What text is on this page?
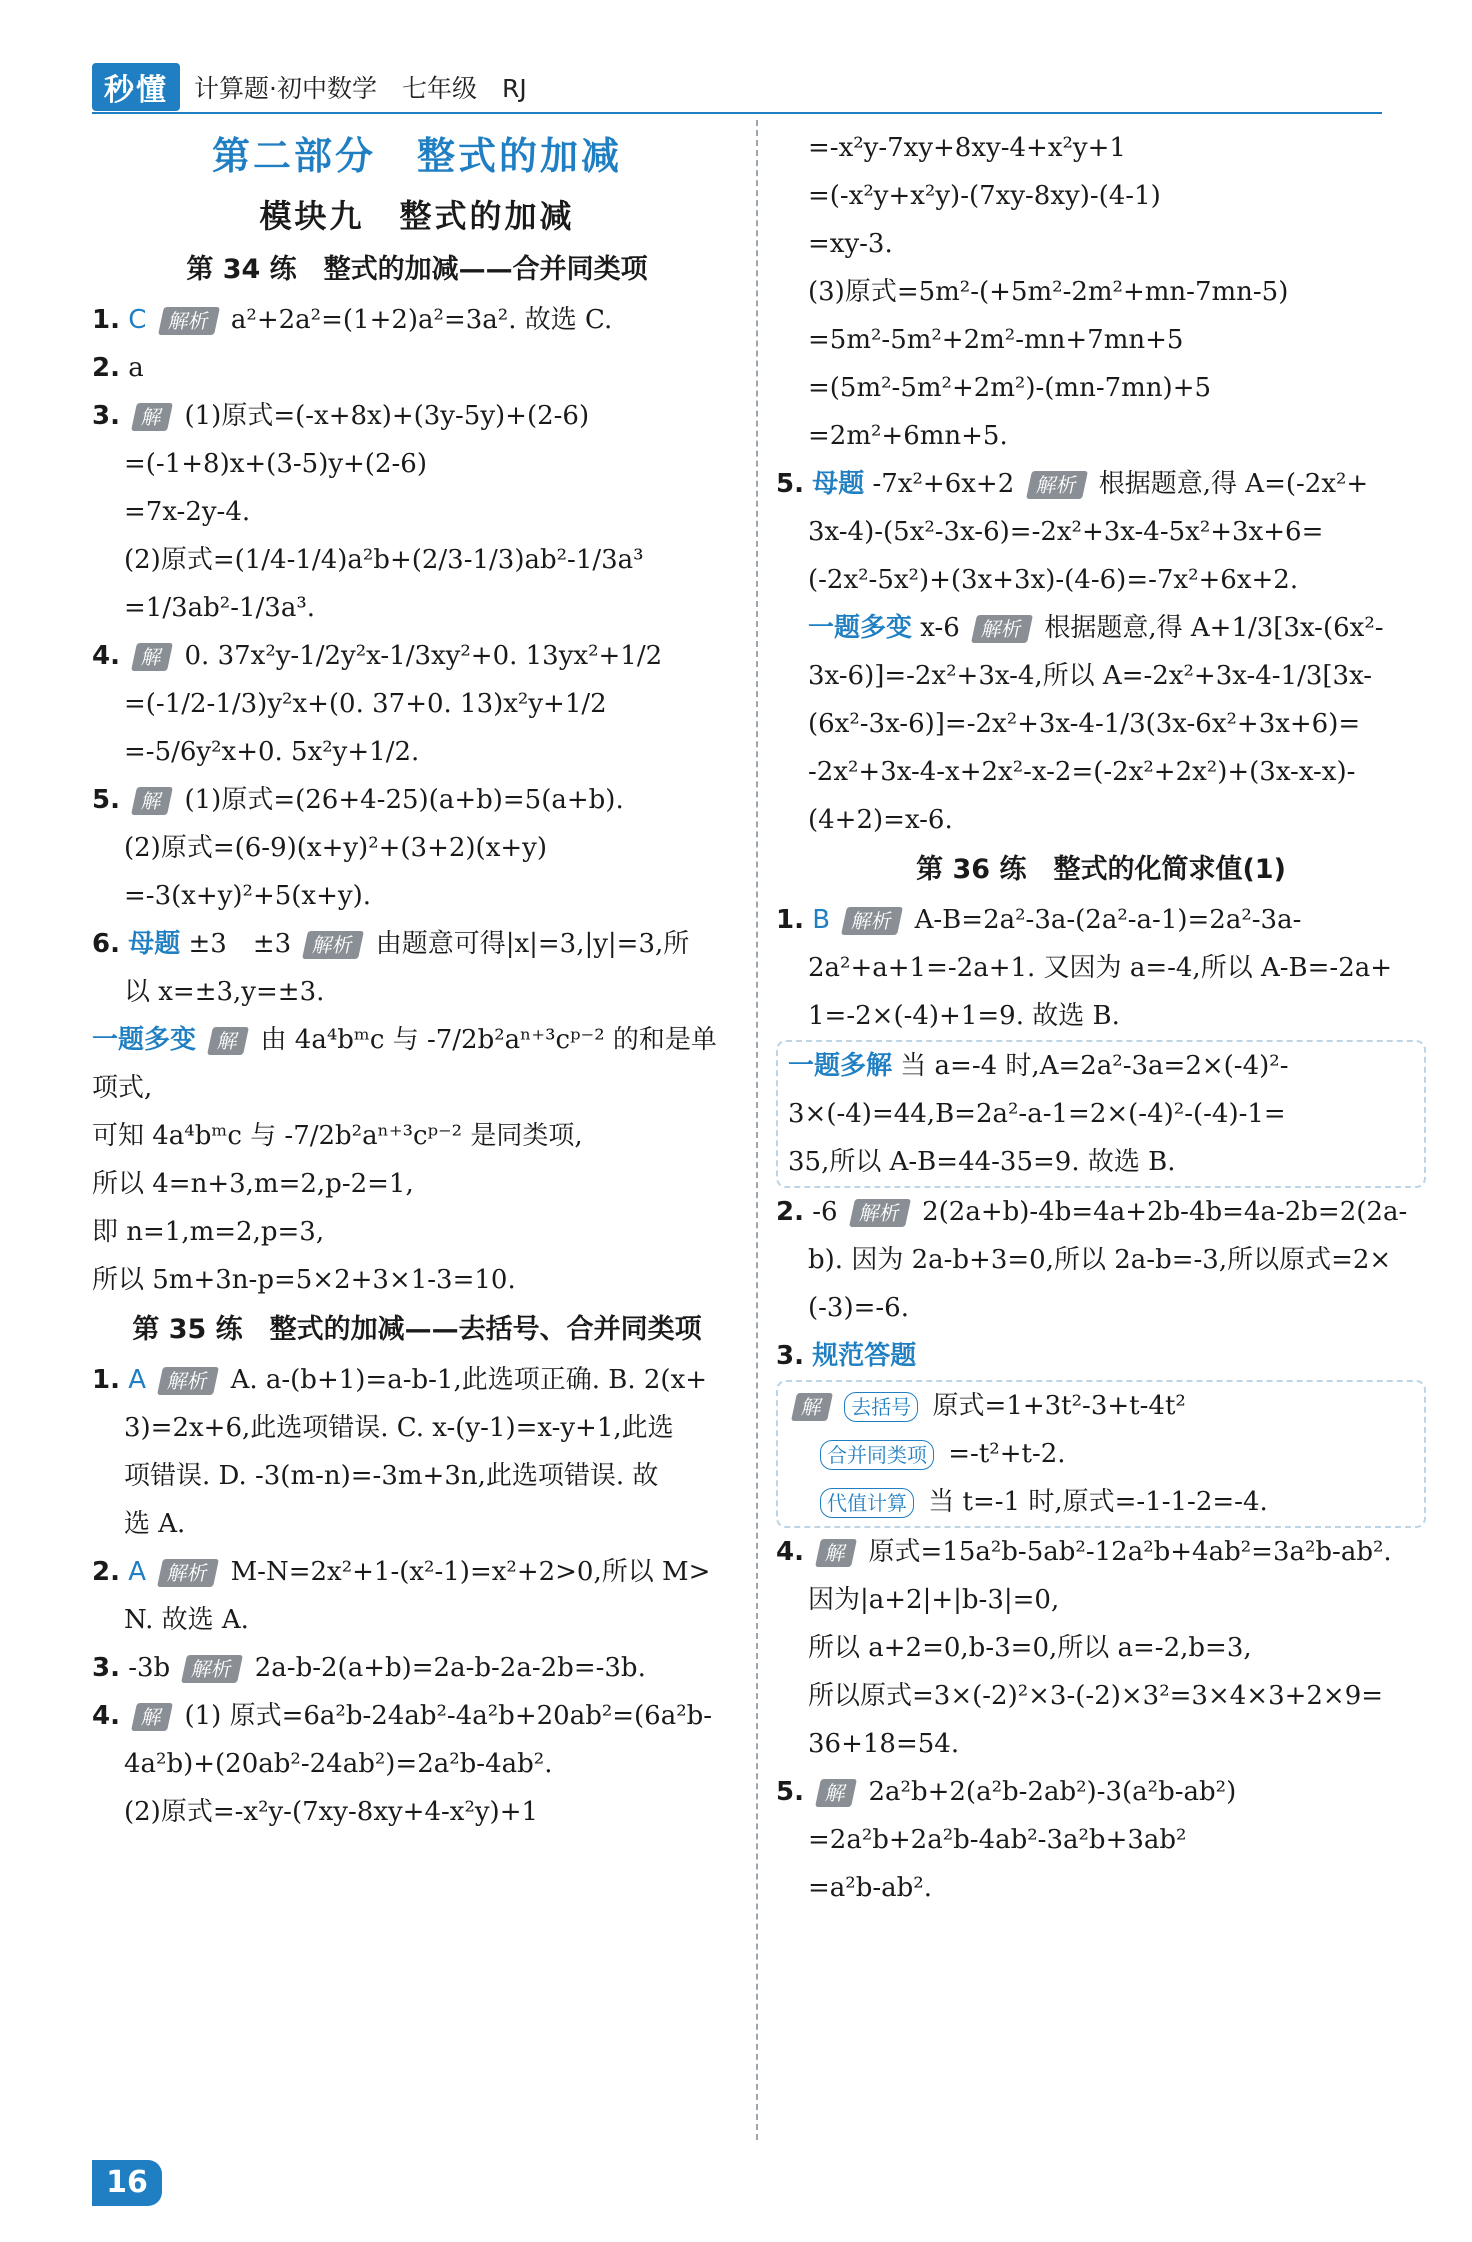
秒懂	计算题·初中数学　七年级　RJ
第二部分　整式的加减
模块九　整式的加减
第 34 练　整式的加减——合并同类项
1. C 解析 a²+2a²=(1+2)a²=3a². 故选 C.
2. a
3. 解 (1)原式=(-x+8x)+(3y-5y)+(2-6)
=(-1+8)x+(3-5)y+(2-6)
=7x-2y-4.
(2)原式=(1/4-1/4)a²b+(2/3-1/3)ab²-1/3a³
=1/3ab²-1/3a³.
4. 解 0. 37x²y-1/2y²x-1/3xy²+0. 13yx²+1/2
=(-1/2-1/3)y²x+(0. 37+0. 13)x²y+1/2
=-5/6y²x+0. 5x²y+1/2.
5. 解 (1)原式=(26+4-25)(a+b)=5(a+b).
(2)原式=(6-9)(x+y)²+(3+2)(x+y)
=-3(x+y)²+5(x+y).
6. 母题 ±3　±3 解析 由题意可得|x|=3,|y|=3,所
以 x=±3,y=±3.
一题多变 解 由 4a⁴bᵐc 与 -7/2b²aⁿ⁺³cᵖ⁻² 的和是单
项式,
可知 4a⁴bᵐc 与 -7/2b²aⁿ⁺³cᵖ⁻² 是同类项,
所以 4=n+3,m=2,p-2=1,
即 n=1,m=2,p=3,
所以 5m+3n-p=5×2+3×1-3=10.
第 35 练　整式的加减——去括号、合并同类项
1. A 解析 A. a-(b+1)=a-b-1,此选项正确. B. 2(x+
3)=2x+6,此选项错误. C. x-(y-1)=x-y+1,此选
项错误. D. -3(m-n)=-3m+3n,此选项错误. 故
选 A.
2. A 解析 M-N=2x²+1-(x²-1)=x²+2>0,所以 M>
N. 故选 A.
3. -3b 解析 2a-b-2(a+b)=2a-b-2a-2b=-3b.
4. 解 (1) 原式=6a²b-24ab²-4a²b+20ab²=(6a²b-
4a²b)+(20ab²-24ab²)=2a²b-4ab².
(2)原式=-x²y-(7xy-8xy+4-x²y)+1
=-x²y-7xy+8xy-4+x²y+1
=(-x²y+x²y)-(7xy-8xy)-(4-1)
=xy-3.
(3)原式=5m²-(+5m²-2m²+mn-7mn-5)
=5m²-5m²+2m²-mn+7mn+5
=(5m²-5m²+2m²)-(mn-7mn)+5
=2m²+6mn+5.
5. 母题 -7x²+6x+2 解析 根据题意,得 A=(-2x²+
3x-4)-(5x²-3x-6)=-2x²+3x-4-5x²+3x+6=
(-2x²-5x²)+(3x+3x)-(4-6)=-7x²+6x+2.
一题多变 x-6 解析 根据题意,得 A+1/3[3x-(6x²-
3x-6)]=-2x²+3x-4,所以 A=-2x²+3x-4-1/3[3x-
(6x²-3x-6)]=-2x²+3x-4-1/3(3x-6x²+3x+6)=
-2x²+3x-4-x+2x²-x-2=(-2x²+2x²)+(3x-x-x)-
(4+2)=x-6.
第 36 练　整式的化简求值(1)
1. B 解析 A-B=2a²-3a-(2a²-a-1)=2a²-3a-
2a²+a+1=-2a+1. 又因为 a=-4,所以 A-B=-2a+
1=-2×(-4)+1=9. 故选 B.
一题多解 当 a=-4 时,A=2a²-3a=2×(-4)²-
3×(-4)=44,B=2a²-a-1=2×(-4)²-(-4)-1=
35,所以 A-B=44-35=9. 故选 B.
2. -6 解析 2(2a+b)-4b=4a+2b-4b=4a-2b=2(2a-
b). 因为 2a-b+3=0,所以 2a-b=-3,所以原式=2×
(-3)=-6.
3. 规范答题
解 去括号 原式=1+3t²-3+t-4t²
合并同类项 =-t²+t-2.
代值计算 当 t=-1 时,原式=-1-1-2=-4.
4. 解 原式=15a²b-5ab²-12a²b+4ab²=3a²b-ab².
因为|a+2|+|b-3|=0,
所以 a+2=0,b-3=0,所以 a=-2,b=3,
所以原式=3×(-2)²×3-(-2)×3²=3×4×3+2×9=
36+18=54.
5. 解 2a²b+2(a²b-2ab²)-3(a²b-ab²)
=2a²b+2a²b-4ab²-3a²b+3ab²
=a²b-ab².
16
